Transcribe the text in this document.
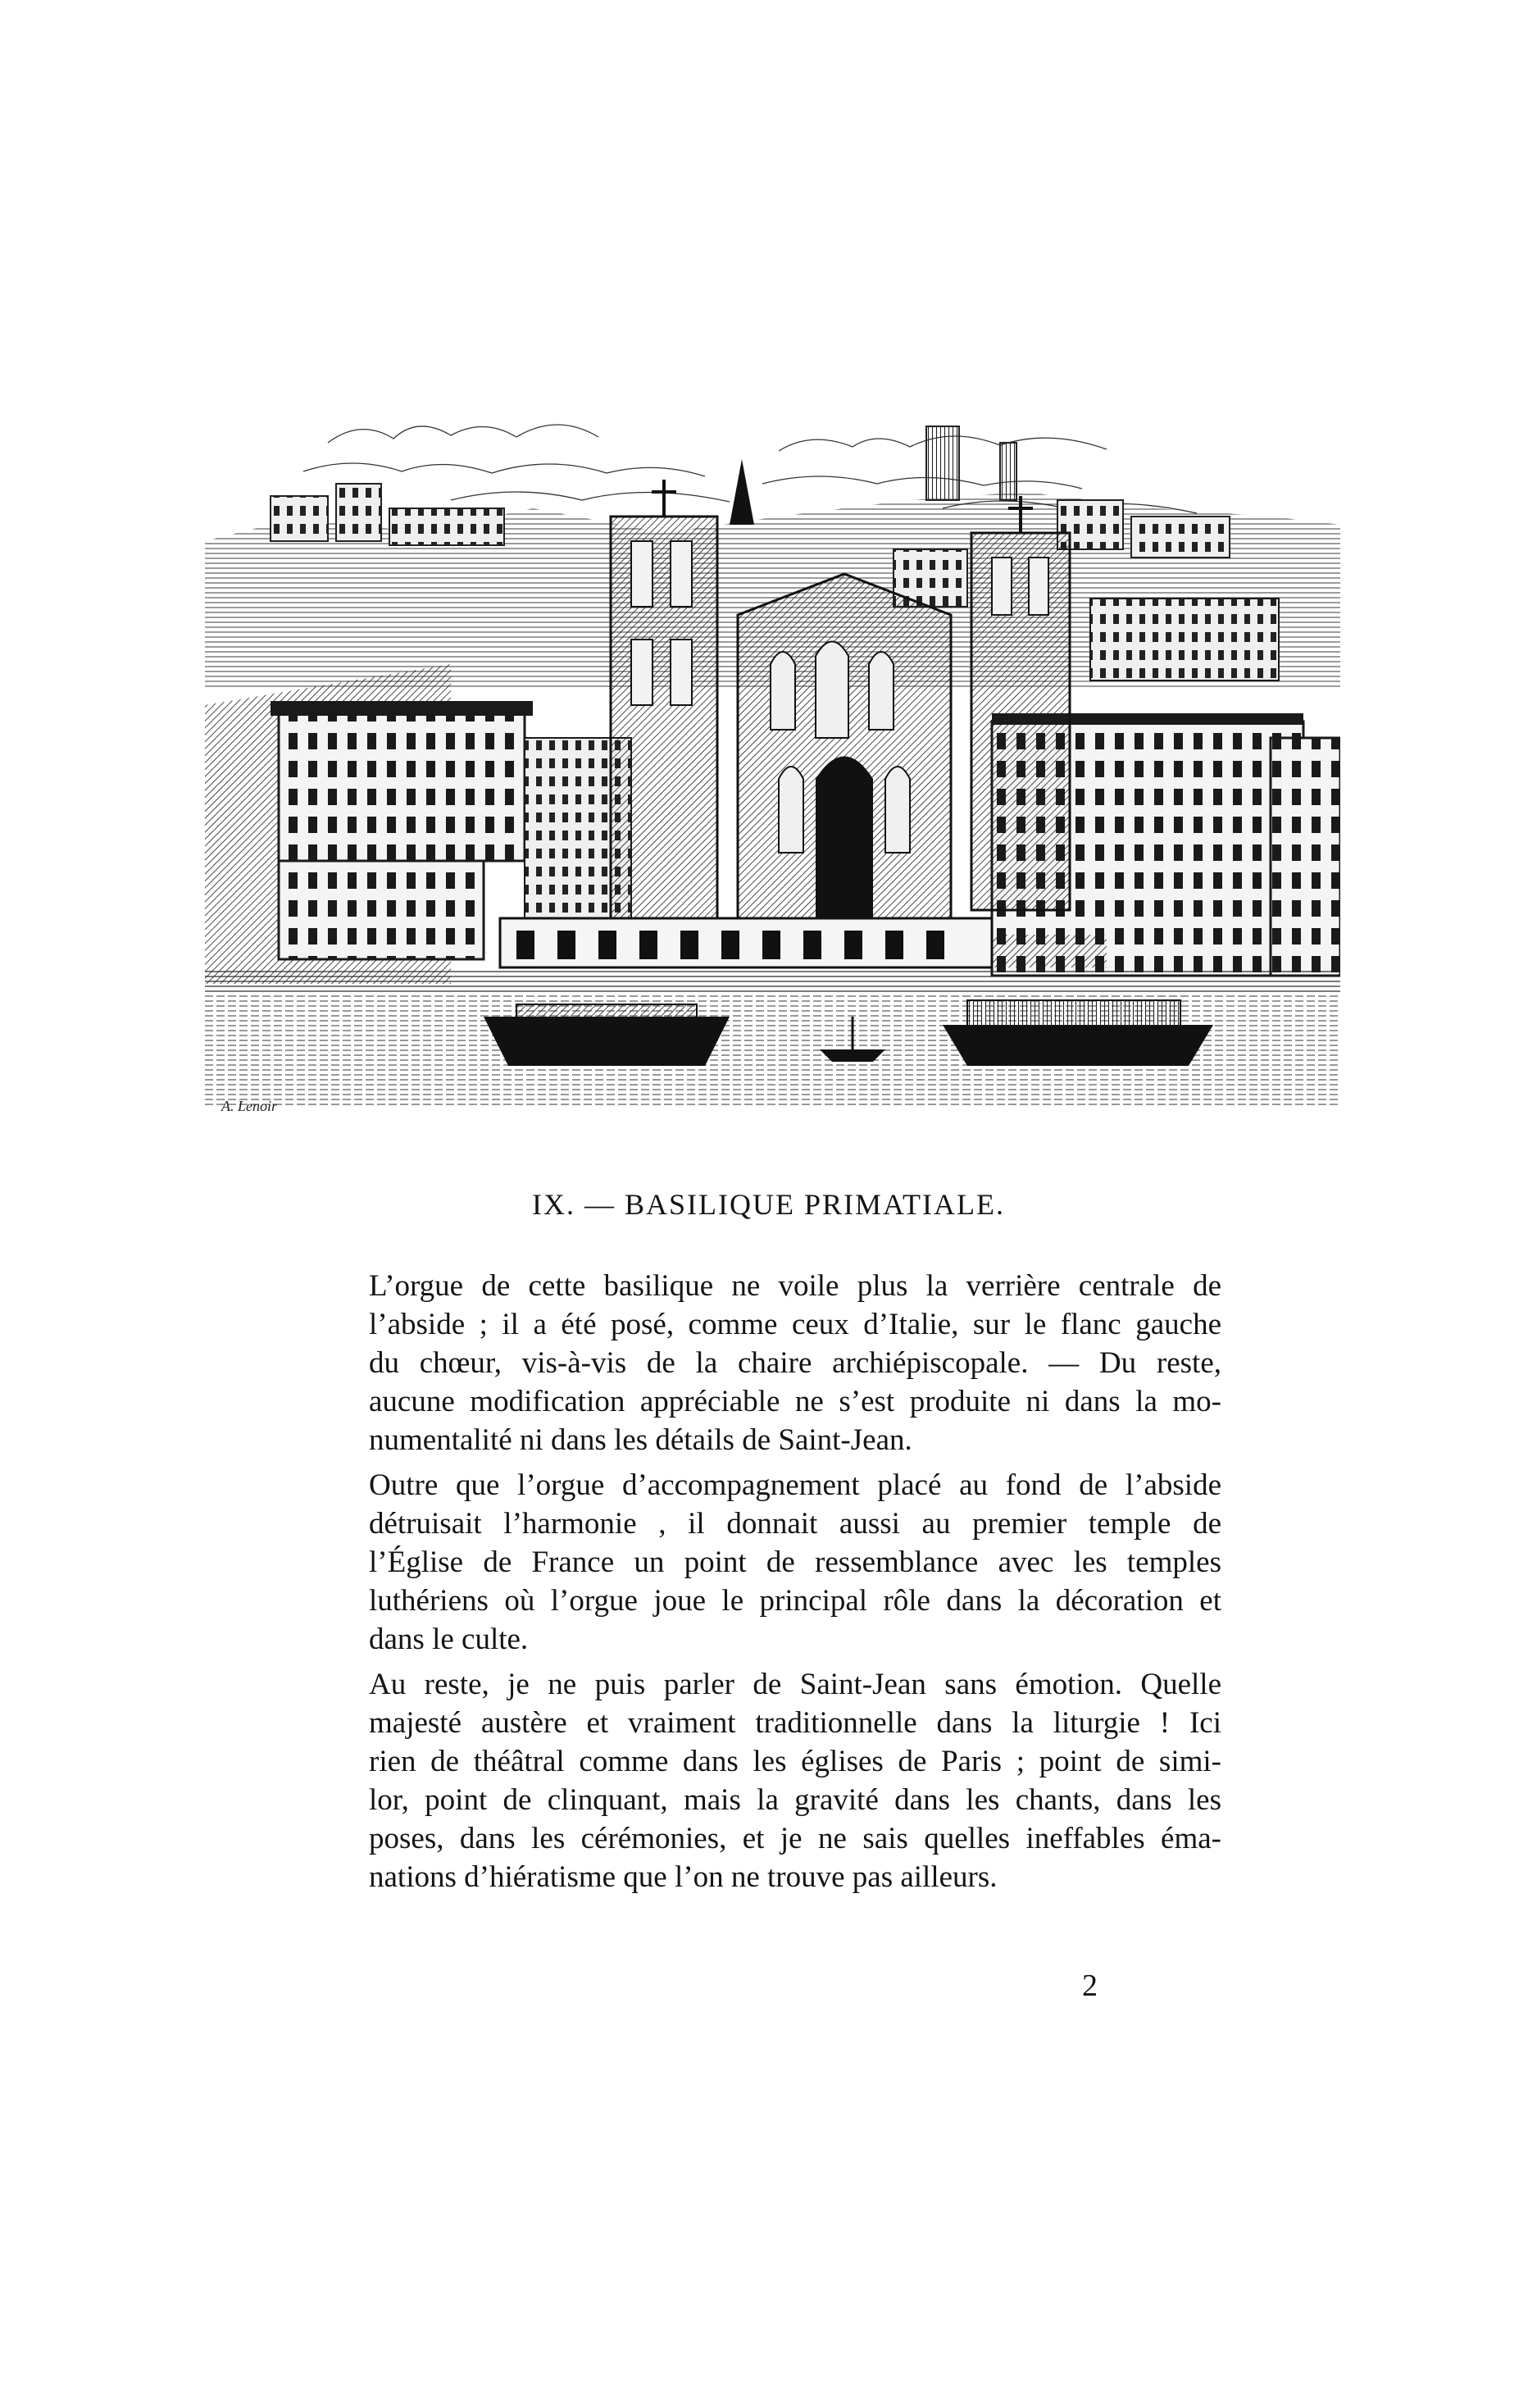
A. Lenoir
IX. — BASILIQUE PRIMATIALE.

L’orgue de cette basilique ne voile plus la verrière centrale de
l’abside ; il a été posé, comme ceux d’Italie, sur le flanc gauche
du chœur, vis-à-vis de la chaire archiépiscopale. — Du reste,
aucune modification appréciable ne s’est produite ni dans la mo-
numentalité ni dans les détails de Saint-Jean.

Outre que l’orgue d’accompagnement placé au fond de l’abside
détruisait l’harmonie , il donnait aussi au premier temple de
l’Église de France un point de ressemblance avec les temples
luthériens où l’orgue joue le principal rôle dans la décoration et
dans le culte.

Au reste, je ne puis parler de Saint-Jean sans émotion. Quelle
majesté austère et vraiment traditionnelle dans la liturgie ! Ici
rien de théâtral comme dans les églises de Paris ; point de simi-
lor, point de clinquant, mais la gravité dans les chants, dans les
poses, dans les cérémonies, et je ne sais quelles ineffables éma-
nations d’hiératisme que l’on ne trouve pas ailleurs.

2
